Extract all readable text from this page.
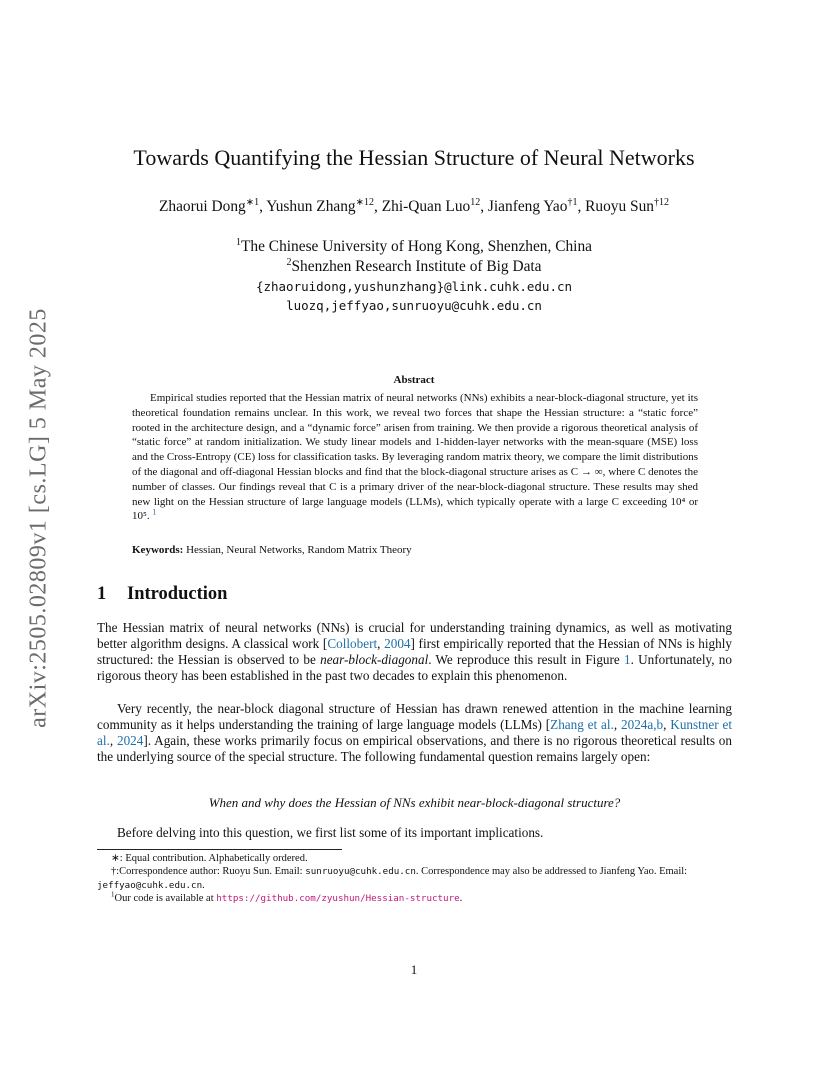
arXiv:2505.02809v1 [cs.LG] 5 May 2025
Towards Quantifying the Hessian Structure of Neural Networks
Zhaorui Dong$^{∗1}$, Yushun Zhang$^{∗12}$, Zhi-Quan Luo$^{12}$, Jianfeng Yao$^{\dagger 1}$, Ruoyu Sun$^{\dagger 12}$
$^1$The Chinese University of Hong Kong, Shenzhen, China
$^2$Shenzhen Research Institute of Big Data
{zhaoruidong,yushunzhang}@link.cuhk.edu.cn
luozq,jeffyao,sunruoyu@cuhk.edu.cn
Abstract
Empirical studies reported that the Hessian matrix of neural networks (NNs) exhibits a near-block-diagonal structure, yet its theoretical foundation remains unclear. In this work, we reveal two forces that shape the Hessian structure: a “static force” rooted in the architecture design, and a “dynamic force” arisen from training. We then provide a rigorous theoretical analysis of “static force” at random initialization. We study linear models and 1-hidden-layer networks with the mean-square (MSE) loss and the Cross-Entropy (CE) loss for classification tasks. By leveraging random matrix theory, we compare the limit distributions of the diagonal and off-diagonal Hessian blocks and find that the block-diagonal structure arises as C → ∞, where C denotes the number of classes. Our findings reveal that C is a primary driver of the near-block-diagonal structure. These results may shed new light on the Hessian structure of large language models (LLMs), which typically operate with a large C exceeding 10⁴ or 10⁵. $^1$
Keywords: Hessian, Neural Networks, Random Matrix Theory
1 Introduction
The Hessian matrix of neural networks (NNs) is crucial for understanding training dynamics, as well as motivating better algorithm designs. A classical work [Collobert, 2004] first empirically reported that the Hessian of NNs is highly structured: the Hessian is observed to be near-block-diagonal. We reproduce this result in Figure 1. Unfortunately, no rigorous theory has been established in the past two decades to explain this phenomenon.
Very recently, the near-block diagonal structure of Hessian has drawn renewed attention in the machine learning community as it helps understanding the training of large language models (LLMs) [Zhang et al., 2024a,b, Kunstner et al., 2024]. Again, these works primarily focus on empirical observations, and there is no rigorous theoretical results on the underlying source of the special structure. The following fundamental question remains largely open:
When and why does the Hessian of NNs exhibit near-block-diagonal structure?
Before delving into this question, we first list some of its important implications.
∗: Equal contribution. Alphabetically ordered.
†:Correspondence author: Ruoyu Sun. Email: sunruoyu@cuhk.edu.cn. Correspondence may also be addressed to Jianfeng Yao. Email: jeffyao@cuhk.edu.cn.
$^1$Our code is available at https://github.com/zyushun/Hessian-structure.
1
